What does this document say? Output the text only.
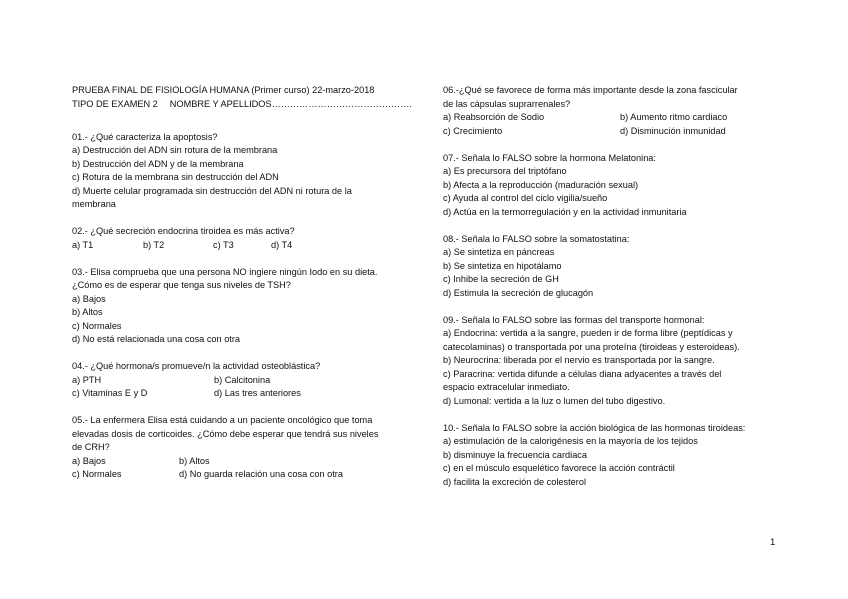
PRUEBA FINAL DE FISIOLOGÍA HUMANA (Primer curso) 22-marzo-2018
TIPO DE EXAMEN 2 NOMBRE Y APELLIDOS……………………………………….
01.- ¿Qué caracteriza la apoptosis?
a) Destrucción del ADN sin rotura de la membrana
b) Destrucción del ADN y de la membrana
c) Rotura de la membrana sin destrucción del ADN
d) Muerte celular programada sin destrucción del ADN ni rotura de la
membrana
02.- ¿Qué secreción endocrina tiroidea es más activa?
a) T1	b) T2	c) T3	d) T4
03.- Elisa comprueba que una persona NO ingiere ningún Iodo en su dieta.
¿Cómo es de esperar que tenga sus niveles de TSH?
a) Bajos
b) Altos
c) Normales
d) No está relacionada una cosa con otra
04.- ¿Qué hormona/s promueve/n la actividad osteoblástica?
a) PTH	b) Calcitonina
c) Vitaminas E y D	d) Las tres anteriores
05.- La enfermera Elisa está cuidando a un paciente oncológico que toma
elevadas dosis de corticoides. ¿Cómo debe esperar que tendrá sus niveles
de CRH?
a) Bajos	b) Altos
c) Normales	d) No guarda relación una cosa con otra
06.-¿Qué se favorece de forma más importante desde la zona fascicular
de las cápsulas suprarrenales?
a) Reabsorción de Sodio	b) Aumento ritmo cardiaco
c) Crecimiento	d) Disminución inmunidad
07.- Señala lo FALSO sobre la hormona Melatonina:
a) Es precursora del triptófano
b) Afecta a la reproducción (maduración sexual)
c) Ayuda al control del ciclo vigilia/sueño
d) Actúa en la termorregulación y en la actividad inmunitaria
08.- Señala lo FALSO sobre la somatostatina:
a) Se sintetiza en páncreas
b) Se sintetiza en hipotálamo
c) Inhibe la secreción de GH
d) Estimula la secreción de glucagón
09.- Señala lo FALSO sobre las formas del transporte hormonal:
a) Endocrina: vertida a la sangre, pueden ir de forma libre (peptídicas y
catecolaminas) o transportada por una proteína (tiroideas y esteroideas).
b) Neurocrina: liberada por el nervio es transportada por la sangre.
c) Paracrina: vertida difunde a células diana adyacentes a través del
espacio extracelular inmediato.
d) Lumonal: vertida a la luz o lumen del tubo digestivo.
10.- Señala lo FALSO sobre la acción biológica de las hormonas tiroideas:
a) estimulación de la calorigénesis en la mayoría de los tejidos
b) disminuye la frecuencia cardiaca
c) en el músculo esquelético favorece la acción contráctil
d) facilita la excreción de colesterol
1
